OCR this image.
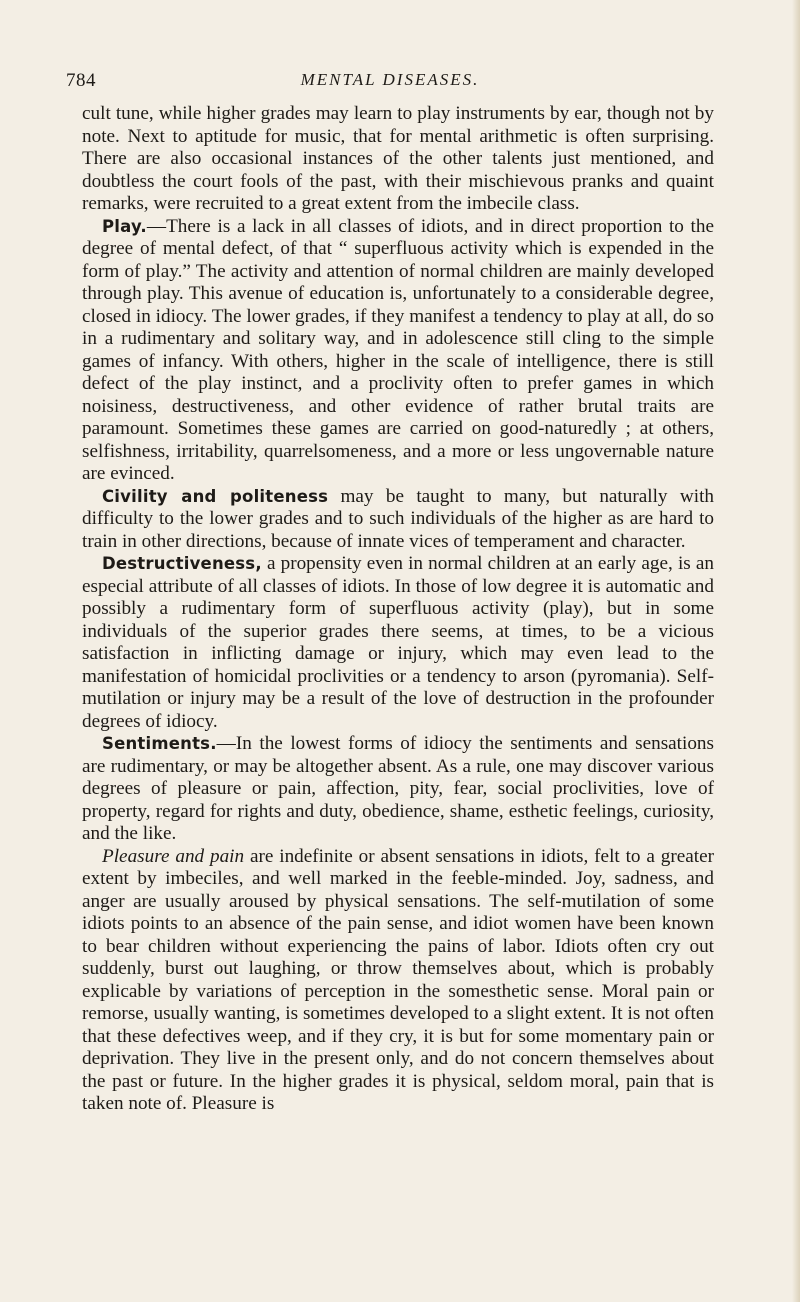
784	MENTAL DISEASES.

cult tune, while higher grades may learn to play instruments by ear, though not by note. Next to aptitude for music, that for mental arithmetic is often surprising. There are also occasional instances of the other talents just mentioned, and doubtless the court fools of the past, with their mischievous pranks and quaint remarks, were recruited to a great extent from the imbecile class.

Play.—There is a lack in all classes of idiots, and in direct proportion to the degree of mental defect, of that “ superfluous activity which is expended in the form of play.” The activity and attention of normal children are mainly developed through play. This avenue of education is, unfortunately to a considerable degree, closed in idiocy. The lower grades, if they manifest a tendency to play at all, do so in a rudimentary and solitary way, and in adolescence still cling to the simple games of infancy. With others, higher in the scale of intelligence, there is still defect of the play instinct, and a proclivity often to prefer games in which noisiness, destructiveness, and other evidence of rather brutal traits are paramount. Sometimes these games are carried on good-naturedly ; at others, selfishness, irritability, quarrelsomeness, and a more or less ungovernable nature are evinced.

Civility and politeness may be taught to many, but naturally with difficulty to the lower grades and to such individuals of the higher as are hard to train in other directions, because of innate vices of temperament and character.

Destructiveness, a propensity even in normal children at an early age, is an especial attribute of all classes of idiots. In those of low degree it is automatic and possibly a rudimentary form of superfluous activity (play), but in some individuals of the superior grades there seems, at times, to be a vicious satisfaction in inflicting damage or injury, which may even lead to the manifestation of homicidal proclivities or a tendency to arson (pyromania). Self-mutilation or injury may be a result of the love of destruction in the profounder degrees of idiocy.

Sentiments.—In the lowest forms of idiocy the sentiments and sensations are rudimentary, or may be altogether absent. As a rule, one may discover various degrees of pleasure or pain, affection, pity, fear, social proclivities, love of property, regard for rights and duty, obedience, shame, esthetic feelings, curiosity, and the like.

Pleasure and pain are indefinite or absent sensations in idiots, felt to a greater extent by imbeciles, and well marked in the feeble-minded. Joy, sadness, and anger are usually aroused by physical sensations. The self-mutilation of some idiots points to an absence of the pain sense, and idiot women have been known to bear children without experiencing the pains of labor. Idiots often cry out suddenly, burst out laughing, or throw themselves about, which is probably explicable by variations of perception in the somesthetic sense. Moral pain or remorse, usually wanting, is sometimes developed to a slight extent. It is not often that these defectives weep, and if they cry, it is but for some momentary pain or deprivation. They live in the present only, and do not concern themselves about the past or future. In the higher grades it is physical, seldom moral, pain that is taken note of. Pleasure is
